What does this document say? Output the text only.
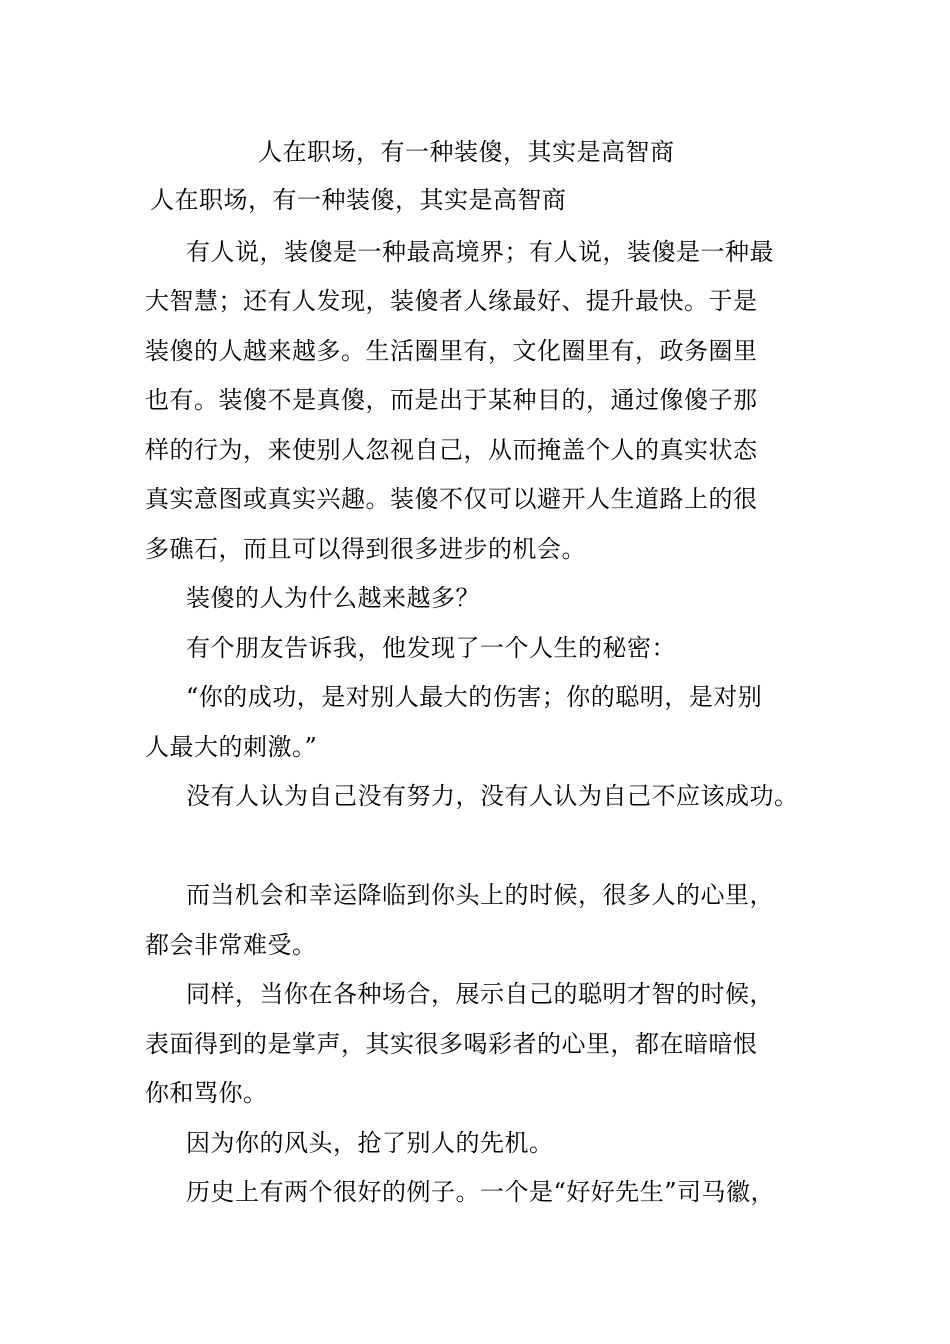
人在职场，有一种装傻，其实是高智商
人在职场，有一种装傻，其实是高智商
有人说，装傻是一种最高境界；有人说，装傻是一种最
大智慧；还有人发现，装傻者人缘最好、提升最快。于是
装傻的人越来越多。生活圈里有，文化圈里有，政务圈里
也有。装傻不是真傻，而是出于某种目的，通过像傻子那
样的行为，来使别人忽视自己，从而掩盖个人的真实状态
真实意图或真实兴趣。装傻不仅可以避开人生道路上的很
多礁石，而且可以得到很多进步的机会。
装傻的人为什么越来越多？
有个朋友告诉我，他发现了一个人生的秘密：
“你的成功，是对别人最大的伤害；你的聪明，是对别
人最大的刺激。”
没有人认为自己没有努力，没有人认为自己不应该成功。
而当机会和幸运降临到你头上的时候，很多人的心里，
都会非常难受。
同样，当你在各种场合，展示自己的聪明才智的时候，
表面得到的是掌声，其实很多喝彩者的心里，都在暗暗恨
你和骂你。
因为你的风头，抢了别人的先机。
历史上有两个很好的例子。一个是“好好先生”司马徽，
